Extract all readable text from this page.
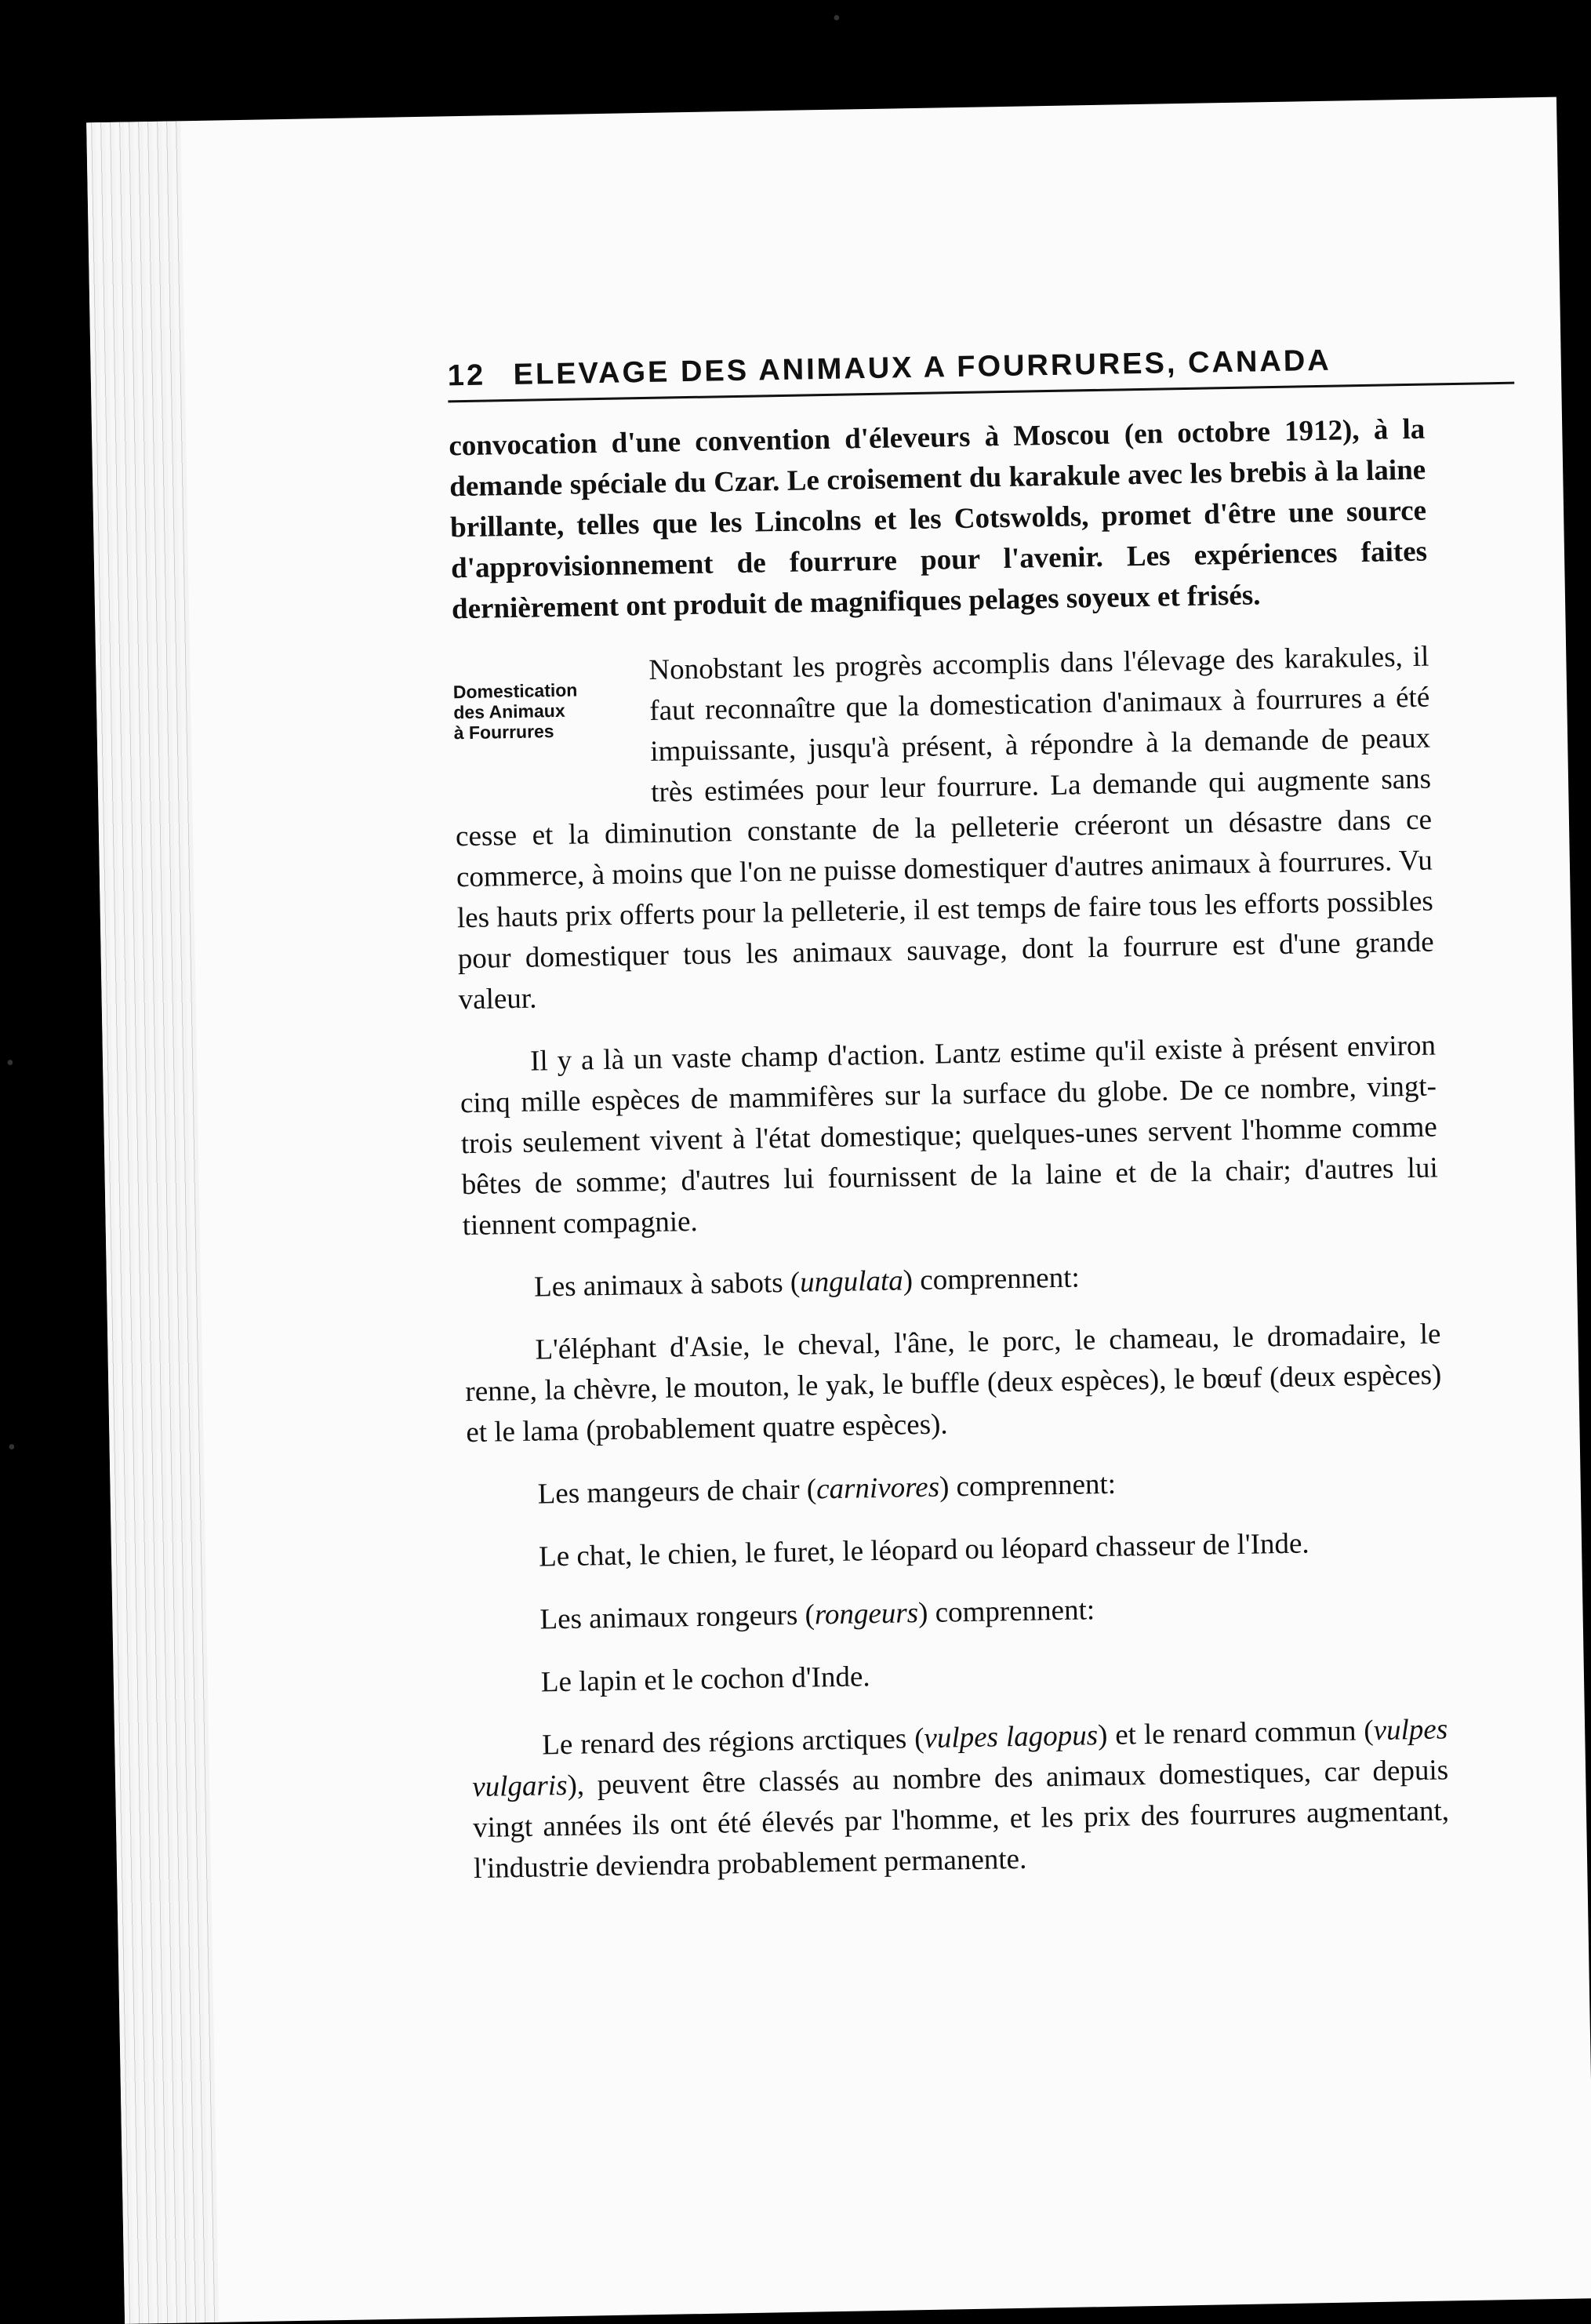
•
•
•
12 ELEVAGE DES ANIMAUX A FOURRURES, CANADA

convocation d'une convention d'éleveurs à Moscou (en octobre 1912), à la demande spéciale du Czar. Le croisement du karakule avec les brebis à la laine brillante, telles que les Lincolns et les Cotswolds, promet d'être une source d'approvisionnement de fourrure pour l'avenir. Les expériences faites dernièrement ont produit de magnifiques pelages soyeux et frisés.

Domestication
des Animaux
à Fourrures

Nonobstant les progrès accomplis dans l'élevage des karakules, il faut reconnaître que la domestication d'animaux à fourrures a été impuissante, jusqu'à présent, à répondre à la demande de peaux très estimées pour leur fourrure. La demande qui augmente sans cesse et la diminution constante de la pelleterie créeront un désastre dans ce commerce, à moins que l'on ne puisse domestiquer d'autres animaux à fourrures. Vu les hauts prix offerts pour la pelleterie, il est temps de faire tous les efforts possibles pour domestiquer tous les animaux sauvage, dont la fourrure est d'une grande valeur.

Il y a là un vaste champ d'action. Lantz estime qu'il existe à présent environ cinq mille espèces de mammifères sur la surface du globe. De ce nombre, vingt-trois seulement vivent à l'état domestique; quelques-unes servent l'homme comme bêtes de somme; d'autres lui fournissent de la laine et de la chair; d'autres lui tiennent compagnie.

Les animaux à sabots (ungulata) comprennent:

L'éléphant d'Asie, le cheval, l'âne, le porc, le chameau, le dromadaire, le renne, la chèvre, le mouton, le yak, le buffle (deux espèces), le bœuf (deux espèces) et le lama (probablement quatre espèces).

Les mangeurs de chair (carnivores) comprennent:

Le chat, le chien, le furet, le léopard ou léopard chasseur de l'Inde.

Les animaux rongeurs (rongeurs) comprennent:

Le lapin et le cochon d'Inde.

Le renard des régions arctiques (vulpes lagopus) et le renard commun (vulpes vulgaris), peuvent être classés au nombre des animaux domestiques, car depuis vingt années ils ont été élevés par l'homme, et les prix des fourrures augmentant, l'industrie deviendra probablement permanente.
